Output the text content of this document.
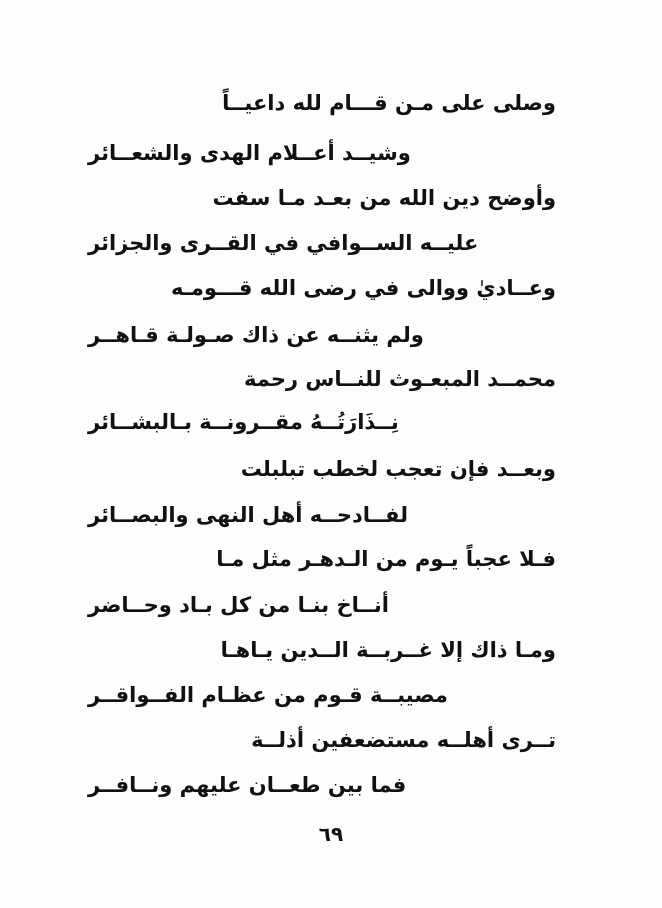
وصلى على مـن قـــام لله داعيــاً
وشيــد أعــلام الهدى والشعــائر
وأوضح دين الله من بعـد مـا سفت
عليــه الســوافي في القــرى والجزائر
وعــاديٰ ووالى في رضى الله قـــومـه
ولم يثنــه عن ذاك صـولـة قـاهــر
محمــد المبعـوث للنــاس رحمة
نِــذَارَتُــهُ مقــرونــة بـالبشــائر
وبعــد فإن تعجب لخطب تبلبلت
لفــادحــه أهل النهى والبصــائر
فـلا عجباً يـوم من الـدهـر مثل مـا
أنــاخ بنـا من كل بـاد وحــاضر
ومـا ذاك إلا غــربــة الــدين يـاهـا
مصيبــة قـوم من عظـام الفــواقــر
تــرى أهلــه مستضعفين أذلــة
فما بين طعــان عليهم ونــافــر
٦٩
